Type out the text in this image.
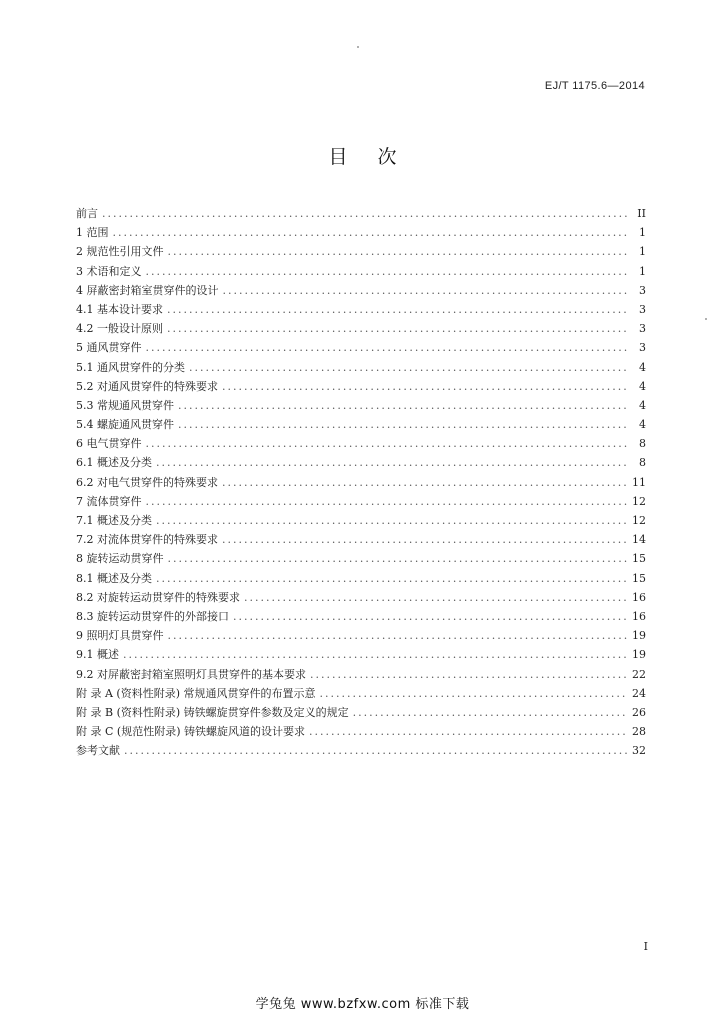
EJ/T 1175.6—2014
目 次
前言 .....	II
1 范围 .....	1
2 规范性引用文件 .....	1
3 术语和定义 .....	1
4 屏蔽密封箱室贯穿件的设计 .....	3
4.1 基本设计要求 .....	3
4.2 一般设计原则 .....	3
5 通风贯穿件 .....	3
5.1 通风贯穿件的分类 .....	4
5.2 对通风贯穿件的特殊要求 .....	4
5.3 常规通风贯穿件 .....	4
5.4 螺旋通风贯穿件 .....	4
6 电气贯穿件 .....	8
6.1 概述及分类 .....	8
6.2 对电气贯穿件的特殊要求 .....	11
7 流体贯穿件 .....	12
7.1 概述及分类 .....	12
7.2 对流体贯穿件的特殊要求 .....	14
8 旋转运动贯穿件 .....	15
8.1 概述及分类 .....	15
8.2 对旋转运动贯穿件的特殊要求 .....	16
8.3 旋转运动贯穿件的外部接口 .....	16
9 照明灯具贯穿件 .....	19
9.1 概述 .....	19
9.2 对屏蔽密封箱室照明灯具贯穿件的基本要求 .....	22
附 录 A (资料性附录) 常规通风贯穿件的布置示意 .....	24
附 录 B (资料性附录) 铸铁螺旋贯穿件参数及定义的规定 .....	26
附 录 C (规范性附录) 铸铁螺旋风道的设计要求 .....	28
参考文献 .....	32
I
学兔兔 www.bzfxw.com 标准下载
